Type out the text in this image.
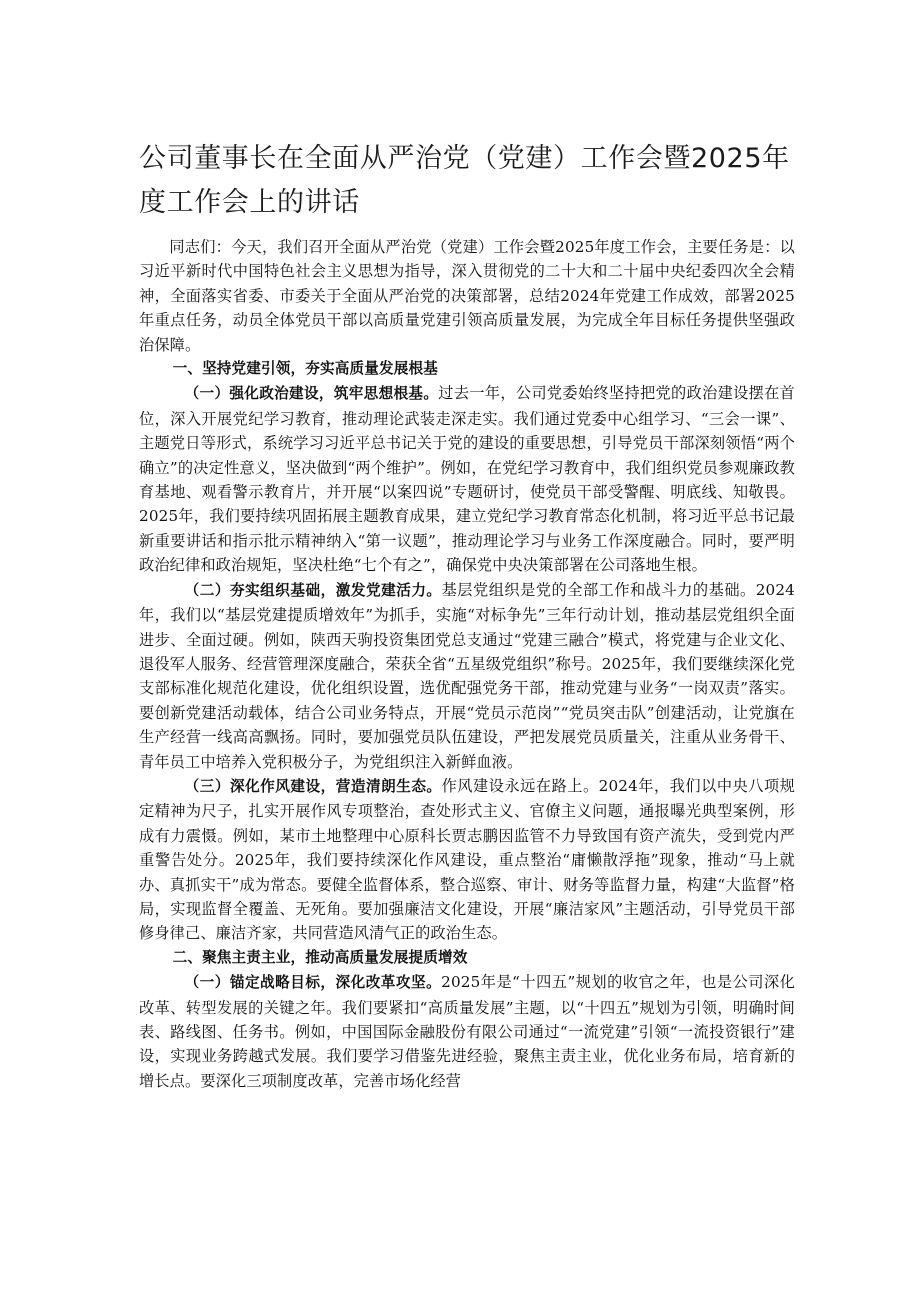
公司董事长在全面从严治党（党建）工作会暨2025年度工作会上的讲话

同志们：今天，我们召开全面从严治党（党建）工作会暨2025年度工作会，主要任务是：以习近平新时代中国特色社会主义思想为指导，深入贯彻党的二十大和二十届中央纪委四次全会精神，全面落实省委、市委关于全面从严治党的决策部署，总结2024年党建工作成效，部署2025年重点任务，动员全体党员干部以高质量党建引领高质量发展，为完成全年目标任务提供坚强政治保障。

一、坚持党建引领，夯实高质量发展根基

（一）强化政治建设，筑牢思想根基。过去一年，公司党委始终坚持把党的政治建设摆在首位，深入开展党纪学习教育，推动理论武装走深走实。我们通过党委中心组学习、“三会一课”、主题党日等形式，系统学习习近平总书记关于党的建设的重要思想，引导党员干部深刻领悟“两个确立”的决定性意义，坚决做到“两个维护”。例如，在党纪学习教育中，我们组织党员参观廉政教育基地、观看警示教育片，并开展“以案四说”专题研讨，使党员干部受警醒、明底线、知敬畏。2025年，我们要持续巩固拓展主题教育成果，建立党纪学习教育常态化机制，将习近平总书记最新重要讲话和指示批示精神纳入“第一议题”，推动理论学习与业务工作深度融合。同时，要严明政治纪律和政治规矩，坚决杜绝“七个有之”，确保党中央决策部署在公司落地生根。

（二）夯实组织基础，激发党建活力。基层党组织是党的全部工作和战斗力的基础。2024年，我们以“基层党建提质增效年”为抓手，实施“对标争先”三年行动计划，推动基层党组织全面进步、全面过硬。例如，陕西天驹投资集团党总支通过“党建三融合”模式，将党建与企业文化、退役军人服务、经营管理深度融合，荣获全省“五星级党组织”称号。2025年，我们要继续深化党支部标准化规范化建设，优化组织设置，选优配强党务干部，推动党建与业务“一岗双责”落实。要创新党建活动载体，结合公司业务特点，开展“党员示范岗”“党员突击队”创建活动，让党旗在生产经营一线高高飘扬。同时，要加强党员队伍建设，严把发展党员质量关，注重从业务骨干、青年员工中培养入党积极分子，为党组织注入新鲜血液。

（三）深化作风建设，营造清朗生态。作风建设永远在路上。2024年，我们以中央八项规定精神为尺子，扎实开展作风专项整治，查处形式主义、官僚主义问题，通报曝光典型案例，形成有力震慑。例如，某市土地整理中心原科长贾志鹏因监管不力导致国有资产流失，受到党内严重警告处分。2025年，我们要持续深化作风建设，重点整治“庸懒散浮拖”现象，推动“马上就办、真抓实干”成为常态。要健全监督体系，整合巡察、审计、财务等监督力量，构建“大监督”格局，实现监督全覆盖、无死角。要加强廉洁文化建设，开展“廉洁家风”主题活动，引导党员干部修身律己、廉洁齐家，共同营造风清气正的政治生态。

二、聚焦主责主业，推动高质量发展提质增效

（一）锚定战略目标，深化改革攻坚。2025年是“十四五”规划的收官之年，也是公司深化改革、转型发展的关键之年。我们要紧扣“高质量发展”主题，以“十四五”规划为引领，明确时间表、路线图、任务书。例如，中国国际金融股份有限公司通过“一流党建”引领“一流投资银行”建设，实现业务跨越式发展。我们要学习借鉴先进经验，聚焦主责主业，优化业务布局，培育新的增长点。要深化三项制度改革，完善市场化经营
